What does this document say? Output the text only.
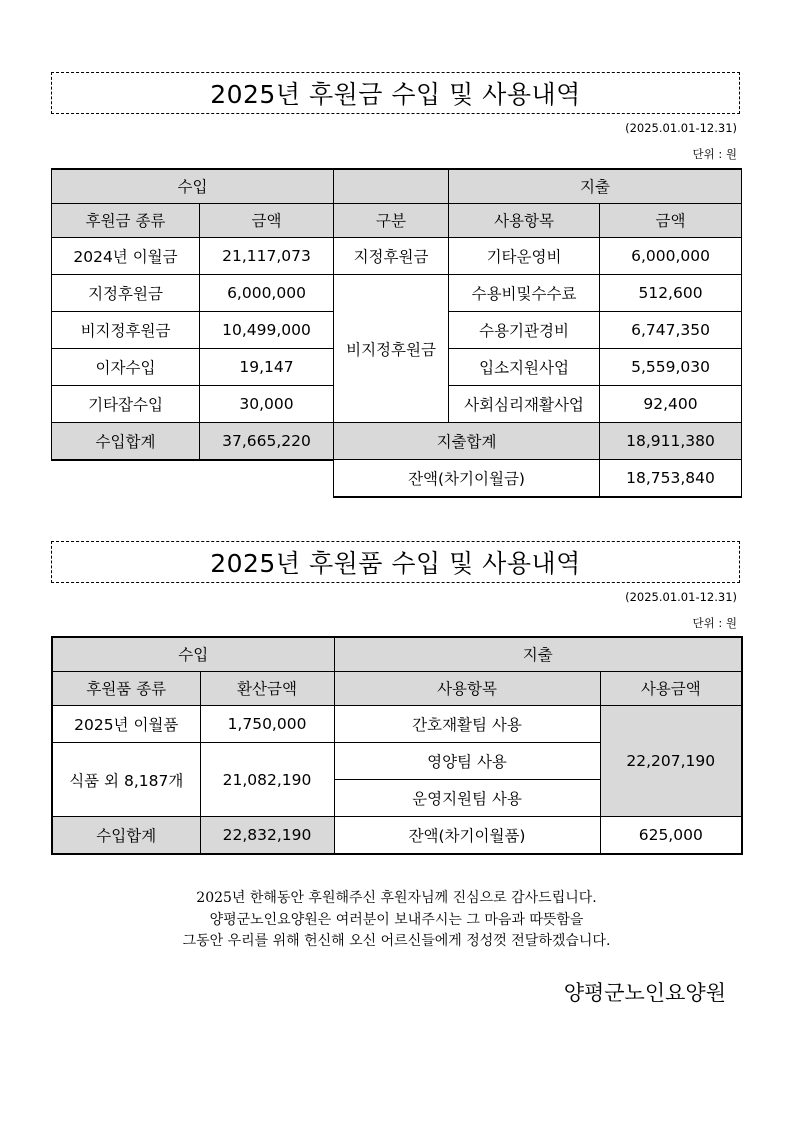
2025년 후원금 수입 및 사용내역
(2025.01.01-12.31)
단위 : 원
수입			지출	
후원금 종류	금액	구분	사용항목	금액
2024년 이월금	21,117,073	지정후원금	기타운영비	6,000,000
지정후원금	6,000,000	비지정후원금	수용비및수수료	512,600
비지정후원금	10,499,000		수용기관경비	6,747,350
이자수입	19,147		입소지원사업	5,559,030
기타잡수입	30,000		사회심리재활사업	92,400
수입합계	37,665,220	지출합계		18,911,380
		잔액(차기이월금)		18,753,840
2025년 후원품 수입 및 사용내역
(2025.01.01-12.31)
단위 : 원
수입		지출	
후원품 종류	환산금액	사용항목	사용금액
2025년 이월품	1,750,000	간호재활팀 사용	22,207,190
식품 외 8,187개	21,082,190	영양팀 사용	
		운영지원팀 사용	
수입합계	22,832,190	잔액(차기이월품)	625,000
2025년 한해동안 후원해주신 후원자님께 진심으로 감사드립니다.
양평군노인요양원은 여러분이 보내주시는 그 마음과 따뜻함을
그동안 우리를 위해 헌신해 오신 어르신들에게 정성껏 전달하겠습니다.
양평군노인요양원
